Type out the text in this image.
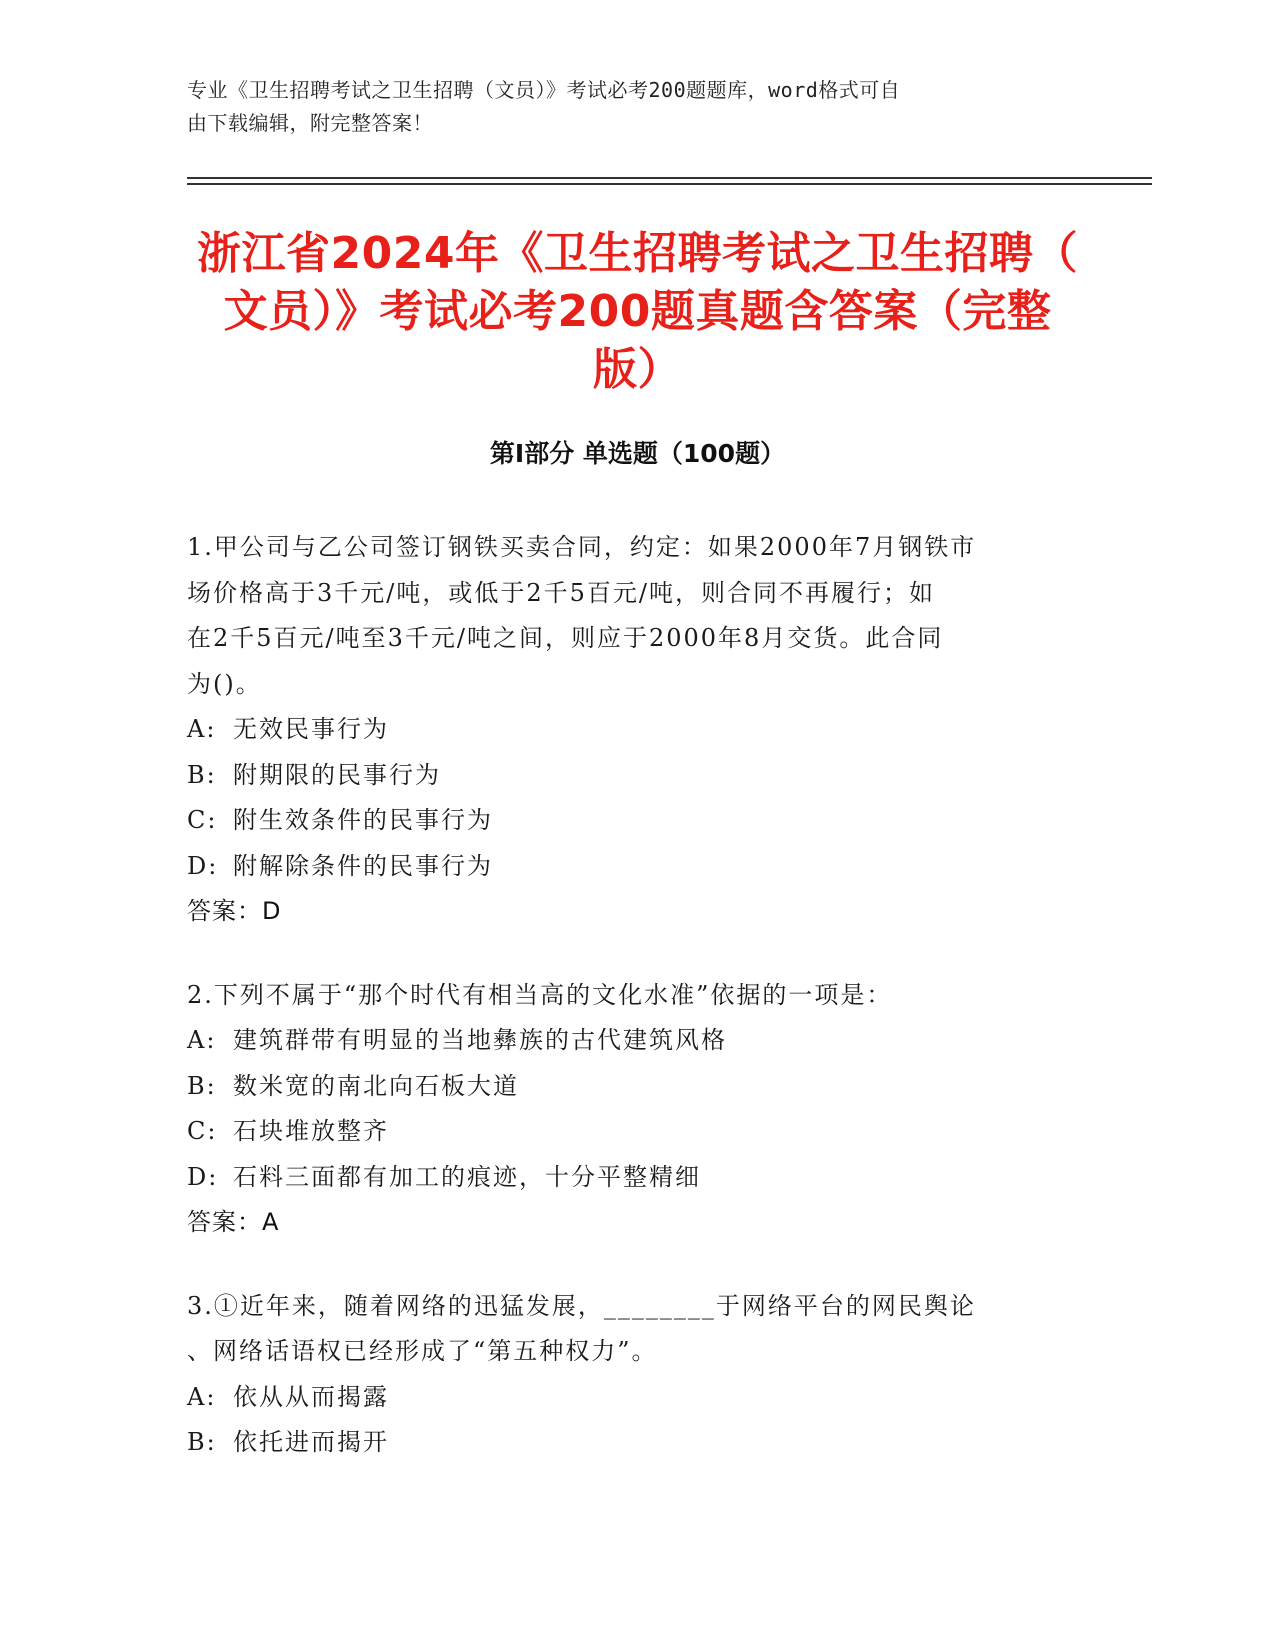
专业《卫生招聘考试之卫生招聘（文员）》考试必考200题题库，word格式可自
由下载编辑，附完整答案！
浙江省2024年《卫生招聘考试之卫生招聘（
文员）》考试必考200题真题含答案（完整
版）
第Ⅰ部分 单选题（100题）
1.甲公司与乙公司签订钢铁买卖合同，约定：如果2000年7月钢铁市
场价格高于3千元/吨，或低于2千5百元/吨，则合同不再履行；如
在2千5百元/吨至3千元/吨之间，则应于2000年8月交货。此合同
为()。
A: 无效民事行为
B: 附期限的民事行为
C: 附生效条件的民事行为
D: 附解除条件的民事行为
答案：D
2.下列不属于“那个时代有相当高的文化水准”依据的一项是：
A: 建筑群带有明显的当地彝族的古代建筑风格
B: 数米宽的南北向石板大道
C: 石块堆放整齐
D: 石料三面都有加工的痕迹，十分平整精细
答案：A
3.①近年来，随着网络的迅猛发展，________于网络平台的网民舆论
、网络话语权已经形成了“第五种权力”。
A: 依从从而揭露
B: 依托进而揭开
